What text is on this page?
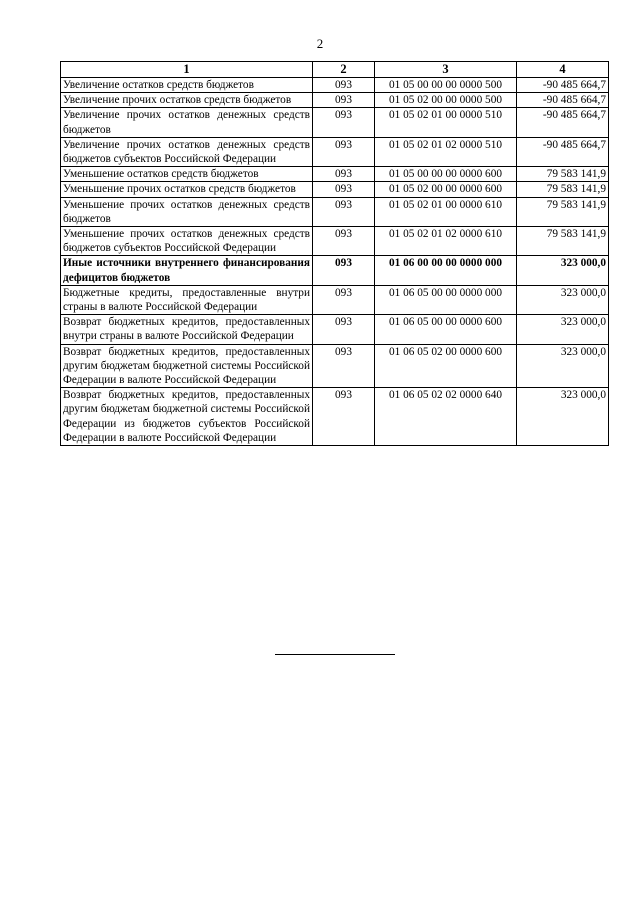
2
1	2	3	4
Увеличение остатков средств бюджетов	093	01 05 00 00 00 0000 500	-90 485 664,7
Увеличение прочих остатков средств бюджетов	093	01 05 02 00 00 0000 500	-90 485 664,7
Увеличение прочих остатков денежных средств бюджетов	093	01 05 02 01 00 0000 510	-90 485 664,7
Увеличение прочих остатков денежных средств бюджетов субъектов Российской Федерации	093	01 05 02 01 02 0000 510	-90 485 664,7
Уменьшение остатков средств бюджетов	093	01 05 00 00 00 0000 600	79 583 141,9
Уменьшение прочих остатков средств бюджетов	093	01 05 02 00 00 0000 600	79 583 141,9
Уменьшение прочих остатков денежных средств бюджетов	093	01 05 02 01 00 0000 610	79 583 141,9
Уменьшение прочих остатков денежных средств бюджетов субъектов Российской Федерации	093	01 05 02 01 02 0000 610	79 583 141,9
Иные источники внутреннего финансирования дефицитов бюджетов	093	01 06 00 00 00 0000 000	323 000,0
Бюджетные кредиты, предоставленные внутри страны в валюте Российской Федерации	093	01 06 05 00 00 0000 000	323 000,0
Возврат бюджетных кредитов, предоставленных внутри страны в валюте Российской Федерации	093	01 06 05 00 00 0000 600	323 000,0
Возврат бюджетных кредитов, предоставленных другим бюджетам бюджетной системы Российской Федерации в валюте Российской Федерации	093	01 06 05 02 00 0000 600	323 000,0
Возврат бюджетных кредитов, предоставленных другим бюджетам бюджетной системы Российской Федерации из бюджетов субъектов Российской Федерации в валюте Российской Федерации	093	01 06 05 02 02 0000 640	323 000,0
